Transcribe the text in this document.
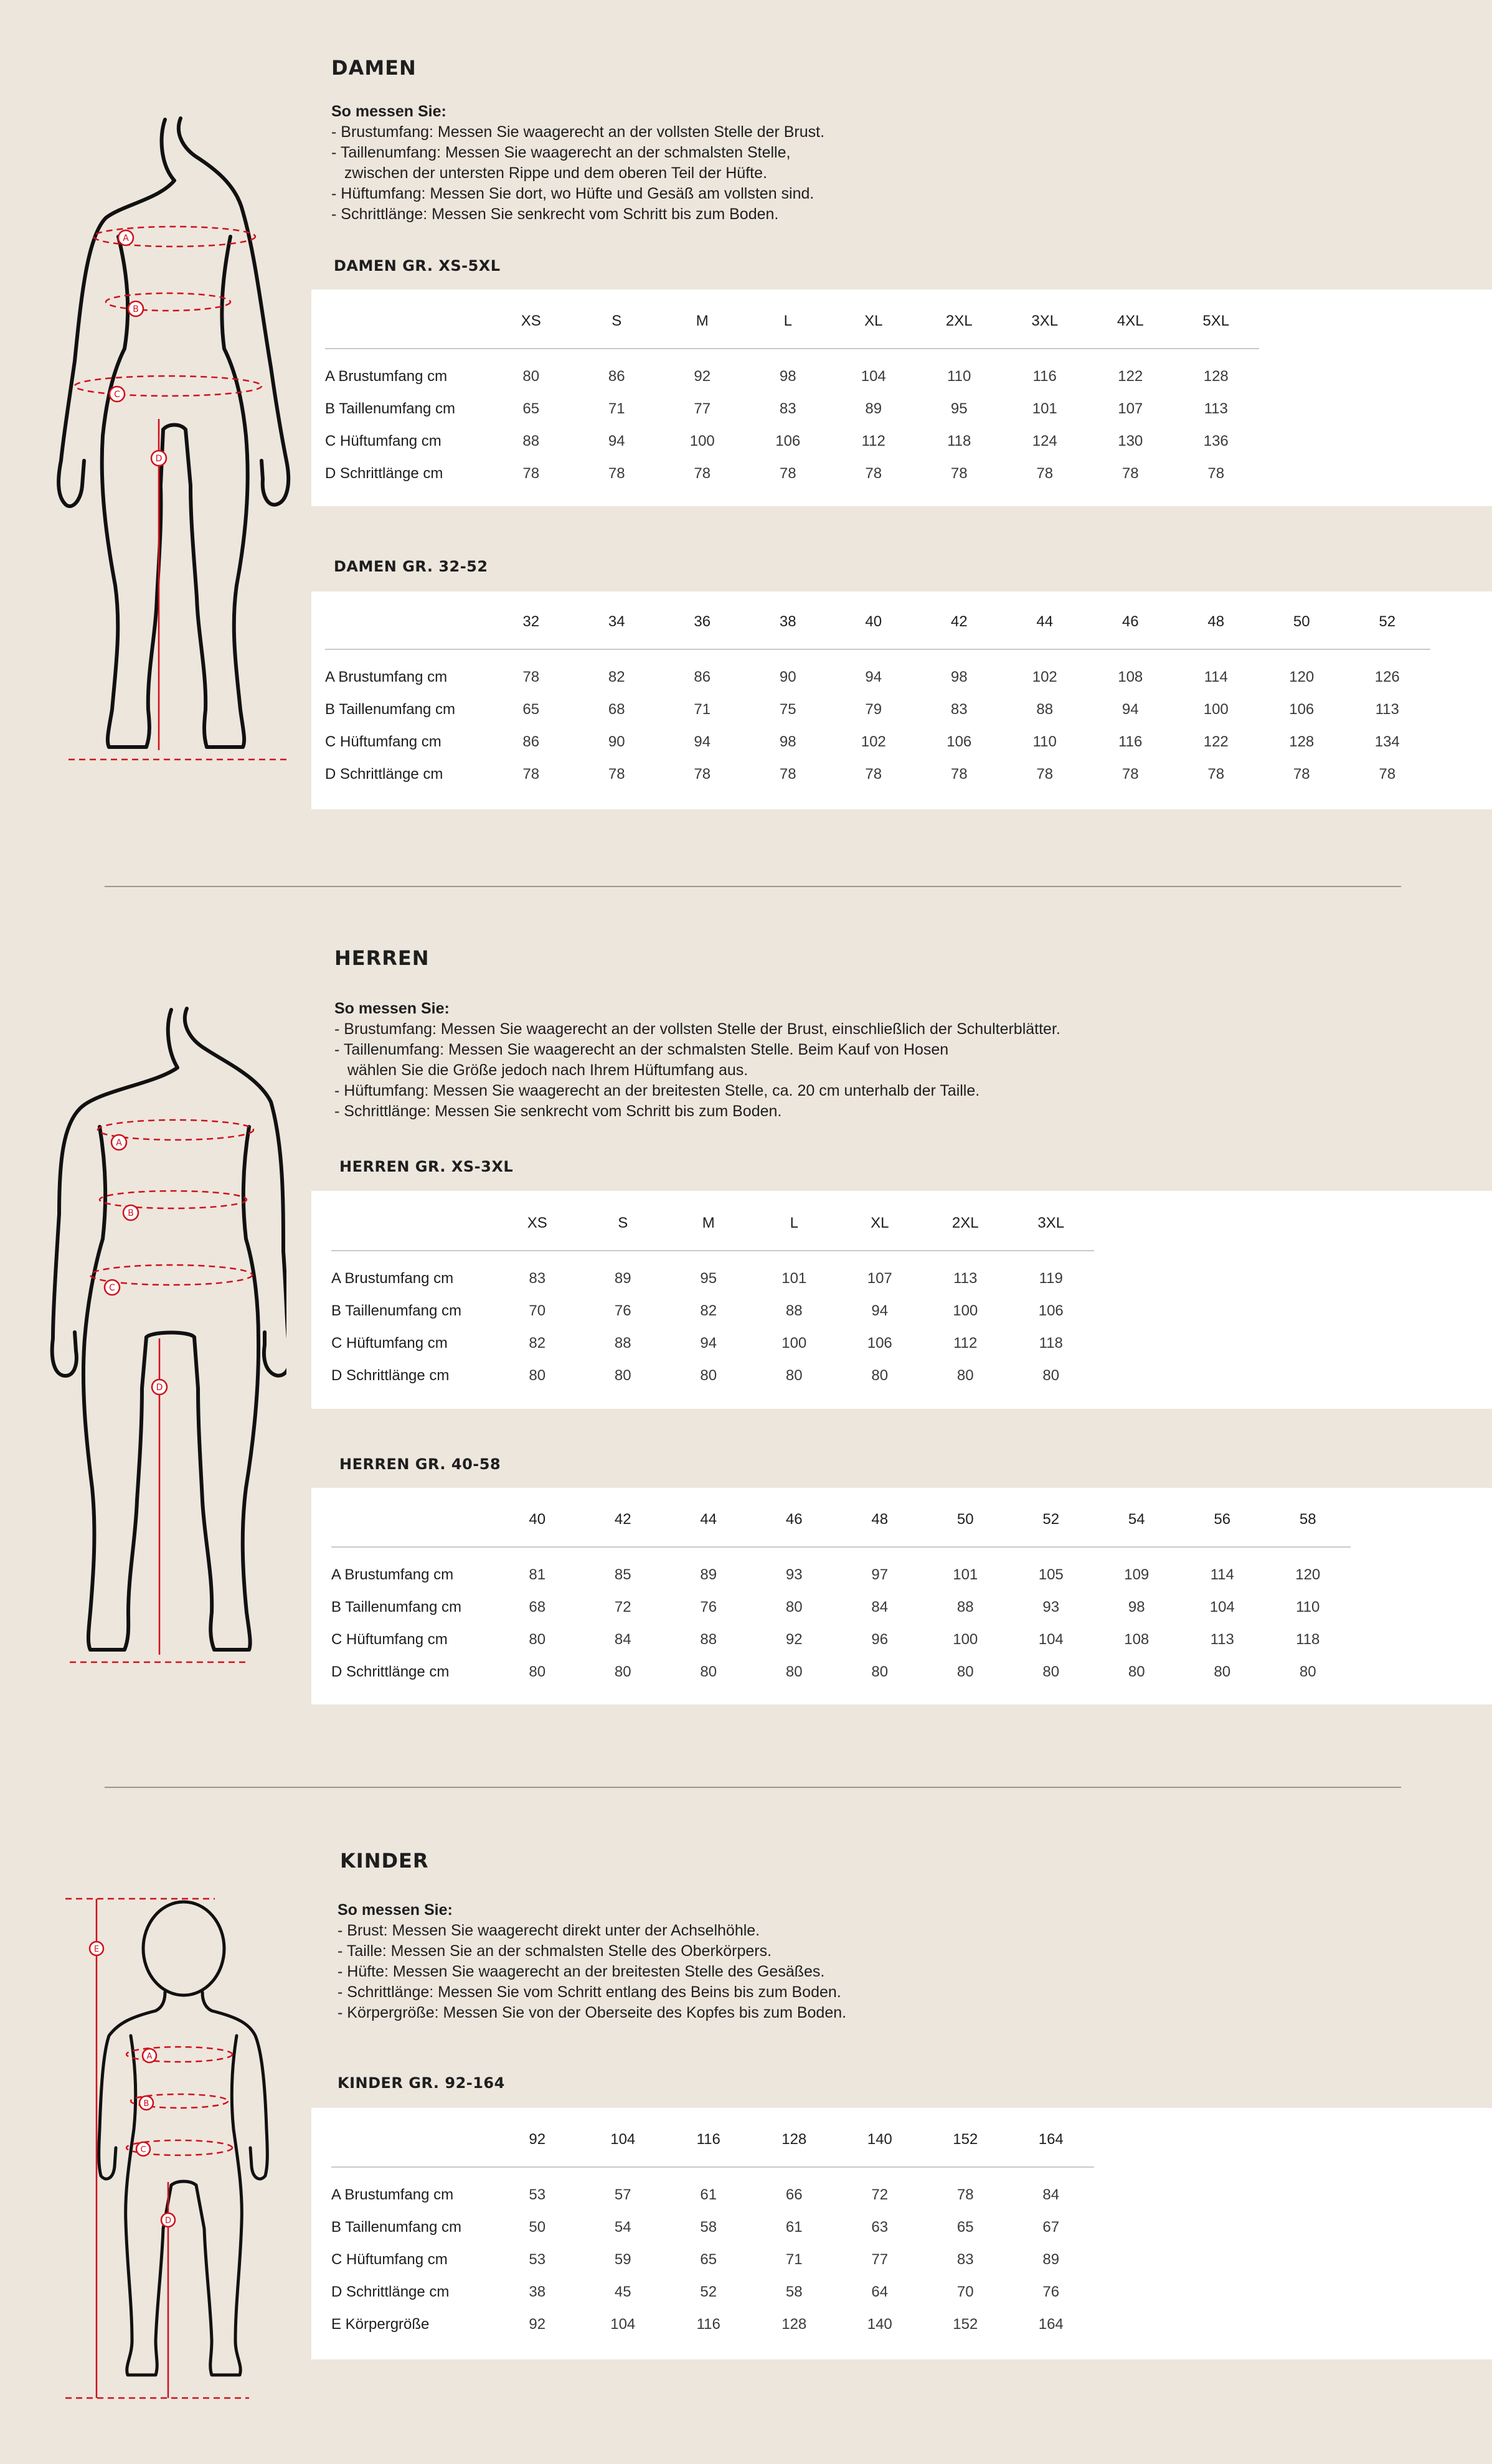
DAMEN
So messen Sie:
- Brustumfang: Messen Sie waagerecht an der vollsten Stelle der Brust.
- Taillenumfang: Messen Sie waagerecht an der schmalsten Stelle,
zwischen der untersten Rippe und dem oberen Teil der Hüfte.
- Hüftumfang: Messen Sie dort, wo Hüfte und Gesäß am vollsten sind.
- Schrittlänge: Messen Sie senkrecht vom Schritt bis zum Boden.
A
B
C
D
DAMEN GR. XS-5XL
	XS	S	M	L	XL	2XL	3XL	4XL	5XL
A Brustumfang cm	80	86	92	98	104	110	116	122	128
B Taillenumfang cm	65	71	77	83	89	95	101	107	113
C Hüftumfang cm	88	94	100	106	112	118	124	130	136
D Schrittlänge cm	78	78	78	78	78	78	78	78	78
DAMEN GR. 32-52
	32	34	36	38	40	42	44	46	48	50	52
A Brustumfang cm	78	82	86	90	94	98	102	108	114	120	126
B Taillenumfang cm	65	68	71	75	79	83	88	94	100	106	113
C Hüftumfang cm	86	90	94	98	102	106	110	116	122	128	134
D Schrittlänge cm	78	78	78	78	78	78	78	78	78	78	78
HERREN
So messen Sie:
- Brustumfang: Messen Sie waagerecht an der vollsten Stelle der Brust, einschließlich der Schulterblätter.
- Taillenumfang: Messen Sie waagerecht an der schmalsten Stelle. Beim Kauf von Hosen
wählen Sie die Größe jedoch nach Ihrem Hüftumfang aus.
- Hüftumfang: Messen Sie waagerecht an der breitesten Stelle, ca. 20 cm unterhalb der Taille.
- Schrittlänge: Messen Sie senkrecht vom Schritt bis zum Boden.
A
B
C
D
HERREN GR. XS-3XL
	XS	S	M	L	XL	2XL	3XL
A Brustumfang cm	83	89	95	101	107	113	119
B Taillenumfang cm	70	76	82	88	94	100	106
C Hüftumfang cm	82	88	94	100	106	112	118
D Schrittlänge cm	80	80	80	80	80	80	80
HERREN GR. 40-58
	40	42	44	46	48	50	52	54	56	58
A Brustumfang cm	81	85	89	93	97	101	105	109	114	120
B Taillenumfang cm	68	72	76	80	84	88	93	98	104	110
C Hüftumfang cm	80	84	88	92	96	100	104	108	113	118
D Schrittlänge cm	80	80	80	80	80	80	80	80	80	80
KINDER
So messen Sie:
- Brust: Messen Sie waagerecht direkt unter der Achselhöhle.
- Taille: Messen Sie an der schmalsten Stelle des Oberkörpers.
- Hüfte: Messen Sie waagerecht an der breitesten Stelle des Gesäßes.
- Schrittlänge: Messen Sie vom Schritt entlang des Beins bis zum Boden.
- Körpergröße: Messen Sie von der Oberseite des Kopfes bis zum Boden.
E
A
B
C
D
KINDER GR. 92-164
	92	104	116	128	140	152	164
A Brustumfang cm	53	57	61	66	72	78	84
B Taillenumfang cm	50	54	58	61	63	65	67
C Hüftumfang cm	53	59	65	71	77	83	89
D Schrittlänge cm	38	45	52	58	64	70	76
E Körpergröße	92	104	116	128	140	152	164
